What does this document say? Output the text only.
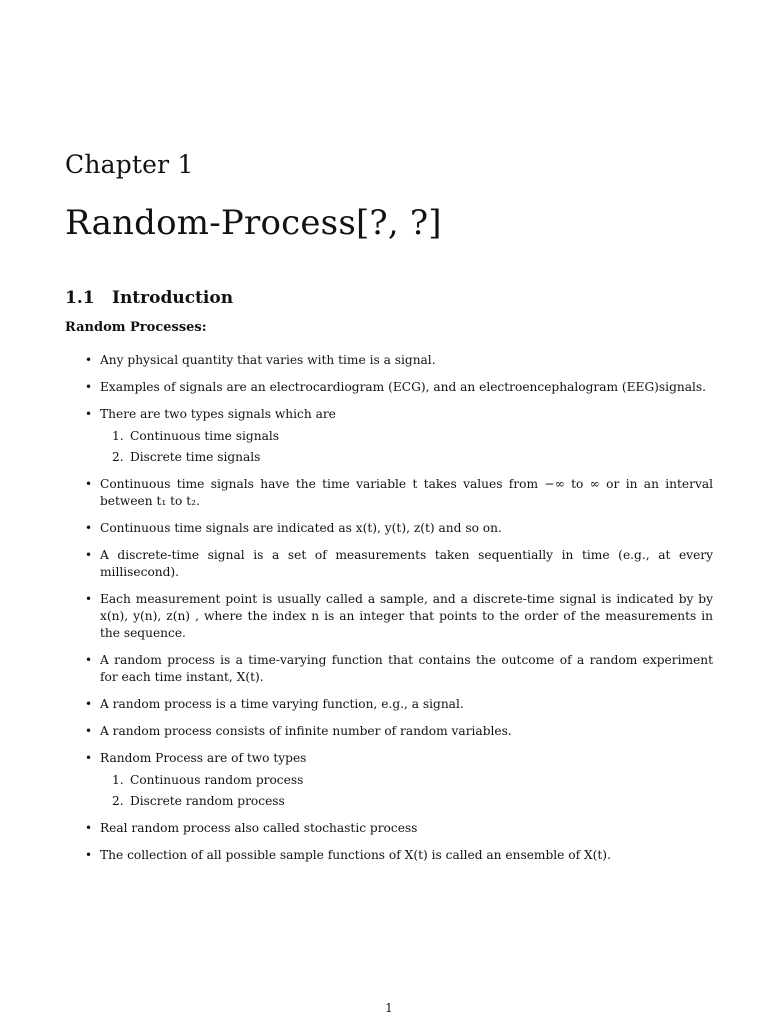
Chapter 1
Random-Process[?, ?]
1.1 Introduction
Random Processes:
• Any physical quantity that varies with time is a signal.
• Examples of signals are an electrocardiogram (ECG), and an electroencephalogram (EEG)signals.
• There are two types signals which are
1. Continuous time signals
2. Discrete time signals
• Continuous time signals have the time variable t takes values from −∞ to ∞ or in an interval between t₁ to t₂.
• Continuous time signals are indicated as x(t), y(t), z(t) and so on.
• A discrete-time signal is a set of measurements taken sequentially in time (e.g., at every millisecond).
• Each measurement point is usually called a sample, and a discrete-time signal is indicated by by x(n), y(n), z(n) , where the index n is an integer that points to the order of the measurements in the sequence.
• A random process is a time-varying function that contains the outcome of a random experiment for each time instant, X(t).
• A random process is a time varying function, e.g., a signal.
• A random process consists of infinite number of random variables.
• Random Process are of two types
1. Continuous random process
2. Discrete random process
• Real random process also called stochastic process
• The collection of all possible sample functions of X(t) is called an ensemble of X(t).
1
